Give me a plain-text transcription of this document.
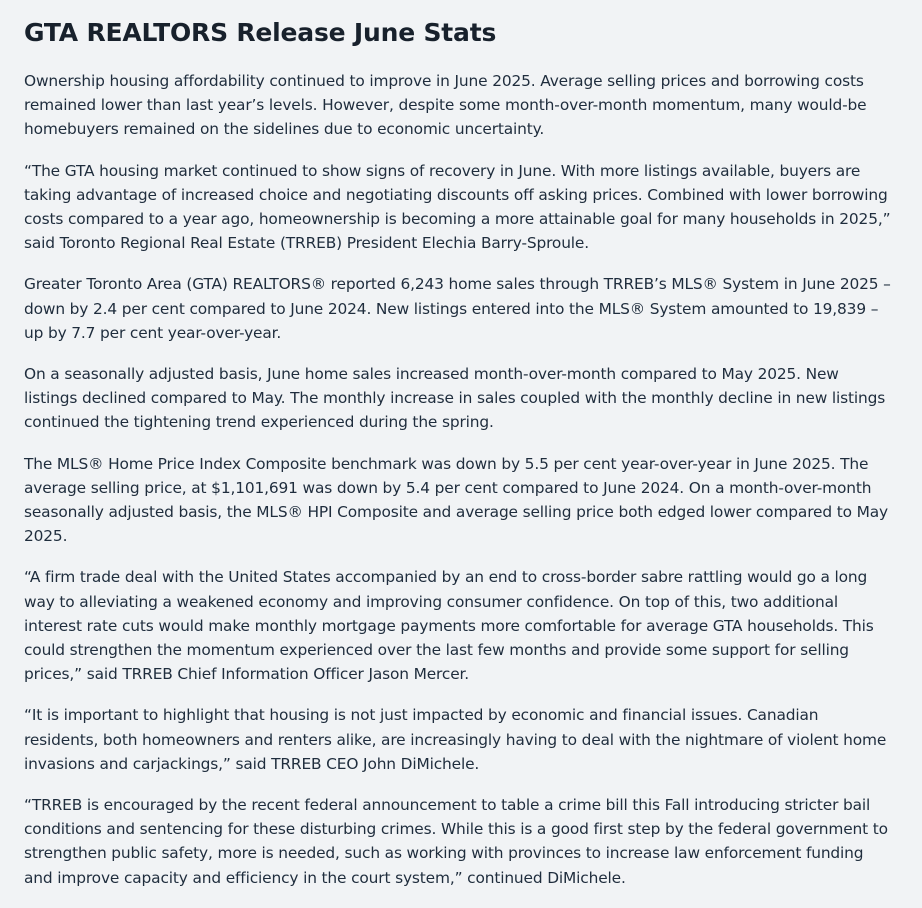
GTA REALTORS Release June Stats

Ownership housing affordability continued to improve in June 2025. Average selling prices and borrowing costs remained lower than last year’s levels. However, despite some month-over-month momentum, many would-be homebuyers remained on the sidelines due to economic uncertainty.

“The GTA housing market continued to show signs of recovery in June. With more listings available, buyers are taking advantage of increased choice and negotiating discounts off asking prices. Combined with lower borrowing costs compared to a year ago, homeownership is becoming a more attainable goal for many households in 2025,” said Toronto Regional Real Estate (TRREB) President Elechia Barry-Sproule.

Greater Toronto Area (GTA) REALTORS® reported 6,243 home sales through TRREB’s MLS® System in June 2025 – down by 2.4 per cent compared to June 2024. New listings entered into the MLS® System amounted to 19,839 – up by 7.7 per cent year-over-year.

On a seasonally adjusted basis, June home sales increased month-over-month compared to May 2025. New listings declined compared to May. The monthly increase in sales coupled with the monthly decline in new listings continued the tightening trend experienced during the spring.

The MLS® Home Price Index Composite benchmark was down by 5.5 per cent year-over-year in June 2025. The average selling price, at $1,101,691 was down by 5.4 per cent compared to June 2024. On a month-over-month seasonally adjusted basis, the MLS® HPI Composite and average selling price both edged lower compared to May 2025.

“A firm trade deal with the United States accompanied by an end to cross-border sabre rattling would go a long way to alleviating a weakened economy and improving consumer confidence. On top of this, two additional interest rate cuts would make monthly mortgage payments more comfortable for average GTA households. This could strengthen the momentum experienced over the last few months and provide some support for selling prices,” said TRREB Chief Information Officer Jason Mercer.

“It is important to highlight that housing is not just impacted by economic and financial issues. Canadian residents, both homeowners and renters alike, are increasingly having to deal with the nightmare of violent home invasions and carjackings,” said TRREB CEO John DiMichele.

“TRREB is encouraged by the recent federal announcement to table a crime bill this Fall introducing stricter bail conditions and sentencing for these disturbing crimes. While this is a good first step by the federal government to strengthen public safety, more is needed, such as working with provinces to increase law enforcement funding and improve capacity and efficiency in the court system,” continued DiMichele.
